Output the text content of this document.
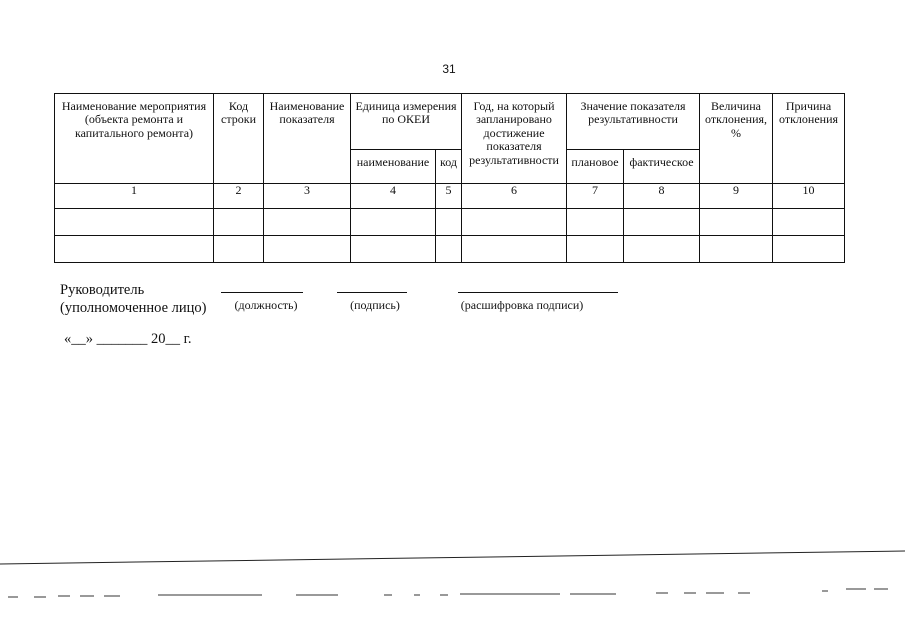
31
Наименование мероприятия (объекта ремонта и капитального ремонта)	Код строки	Наименование показателя	Единица измерения по ОКЕИ		Год, на который запланировано достижение показателя результативности	Значение показателя результативности		Величина отклонения, %	Причина отклонения
			наименование	код		плановое	фактическое		
1	2	3	4	5	6	7	8	9	10

Руководитель
(уполномоченное лицо)	(должность)	(подпись)	(расшифровка подписи)
«__» _______ 20__ г.
